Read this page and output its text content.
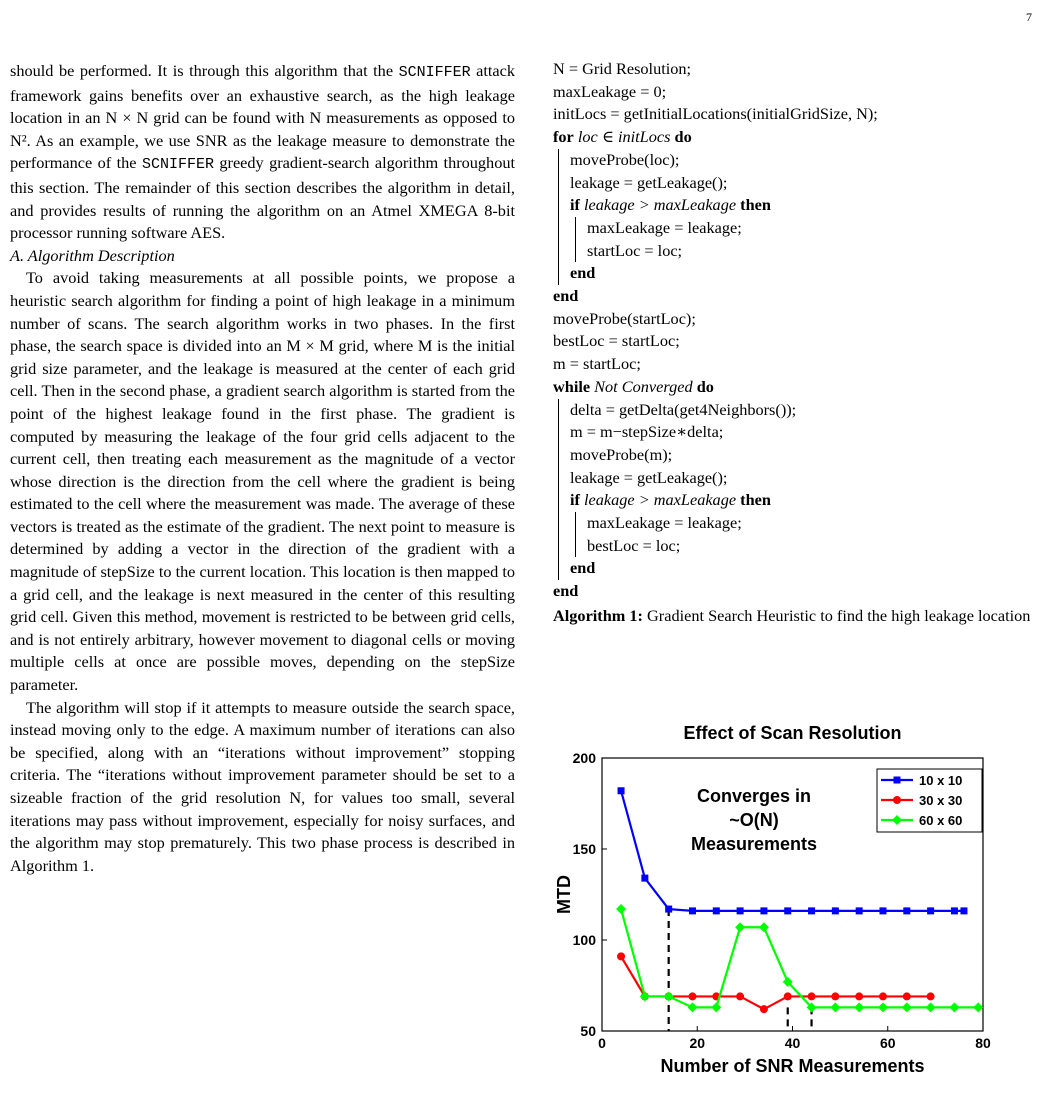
7

should be performed. It is through this algorithm that the SCNIFFER attack framework gains benefits over an exhaustive search, as the high leakage location in an N × N grid can be found with N measurements as opposed to N². As an example, we use SNR as the leakage measure to demonstrate the performance of the SCNIFFER greedy gradient-search algorithm throughout this section. The remainder of this section describes the algorithm in detail, and provides results of running the algorithm on an Atmel XMEGA 8-bit processor running software AES.

A. Algorithm Description

To avoid taking measurements at all possible points, we propose a heuristic search algorithm for finding a point of high leakage in a minimum number of scans. The search algorithm works in two phases. In the first phase, the search space is divided into an M × M grid, where M is the initial grid size parameter, and the leakage is measured at the center of each grid cell. Then in the second phase, a gradient search algorithm is started from the point of the highest leakage found in the first phase. The gradient is computed by measuring the leakage of the four grid cells adjacent to the current cell, then treating each measurement as the magnitude of a vector whose direction is the direction from the cell where the gradient is being estimated to the cell where the measurement was made. The average of these vectors is treated as the estimate of the gradient. The next point to measure is determined by adding a vector in the direction of the gradient with a magnitude of stepSize to the current location. This location is then mapped to a grid cell, and the leakage is next measured in the center of this resulting grid cell. Given this method, movement is restricted to be between grid cells, and is not entirely arbitrary, however movement to diagonal cells or moving multiple cells at once are possible moves, depending on the stepSize parameter.

The algorithm will stop if it attempts to measure outside the search space, instead moving only to the edge. A maximum number of iterations can also be specified, along with an “iterations without improvement” stopping criteria. The “iterations without improvement parameter should be set to a sizeable fraction of the grid resolution N, for values too small, several iterations may pass without improvement, especially for noisy surfaces, and the algorithm may stop prematurely. This two phase process is described in Algorithm 1.

N = Grid Resolution;
maxLeakage = 0;
initLocs = getInitialLocations(initialGridSize, N);
for loc ∈ initLocs do
moveProbe(loc);
leakage = getLeakage();
if leakage > maxLeakage then
maxLeakage = leakage;
startLoc = loc;
end
end
moveProbe(startLoc);
bestLoc = startLoc;
m = startLoc;
while Not Converged do
delta = getDelta(get4Neighbors());
m = m−stepSize∗delta;
moveProbe(m);
leakage = getLeakage();
if leakage > maxLeakage then
maxLeakage = leakage;
bestLoc = loc;
end
end
Algorithm 1: Gradient Search Heuristic to find the high leakage location
Effect of Scan Resolution
Number of SNR Measurements
MTD
0	20	40	60	80
50
100
150
200
Converges in
~O(N)
Measurements
10 x 10
30 x 30
60 x 60
